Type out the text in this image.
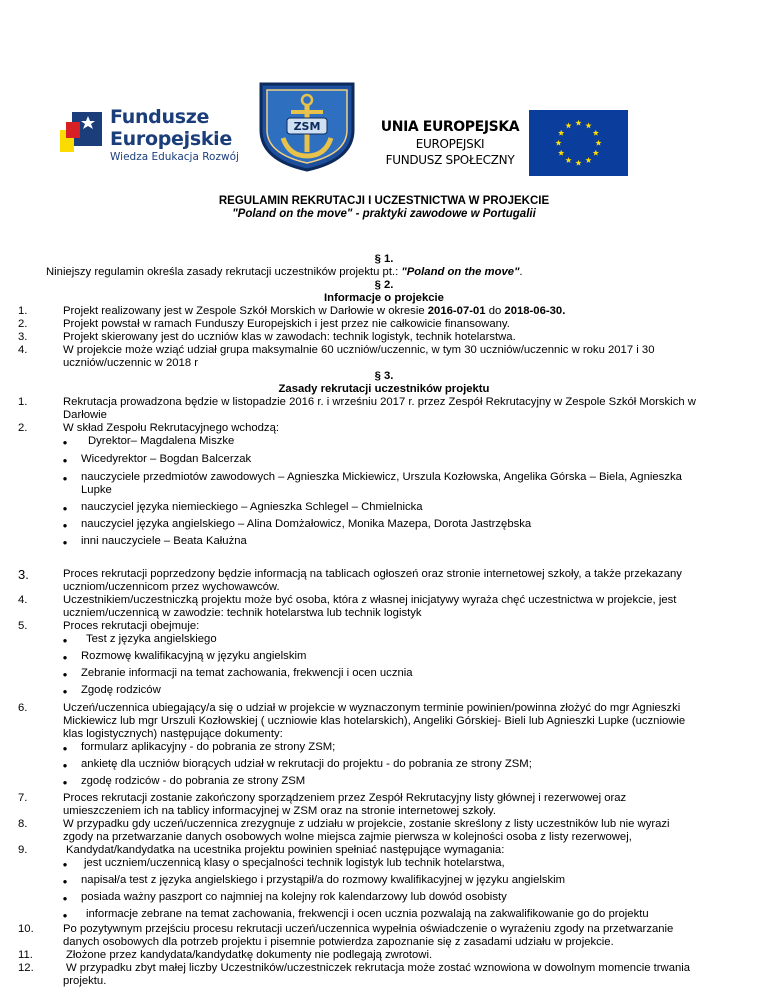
Fundusze
Europejskie
Wiedza Edukacja Rozwój
ZSM	UNIA EUROPEJSKA
EUROPEJSKI
FUNDUSZ SPOŁECZNY
REGULAMIN REKRUTACJI I UCZESTNICTWA W PROJEKCIE
"Poland on the move" - praktyki zawodowe w Portugalii
§ 1.
Niniejszy regulamin określa zasady rekrutacji uczestników projektu pt.: "Poland on the move".
§ 2.
Informacje o projekcie
1.	Projekt realizowany jest w Zespole Szkół Morskich w Darłowie w okresie 2016-07-01 do 2018-06-30.
2.	Projekt powstał w ramach Funduszy Europejskich i jest przez nie całkowicie finansowany.
3.	Projekt skierowany jest do uczniów klas w zawodach: technik logistyk, technik hotelarstwa.
4.	W projekcie może wziąć udział grupa maksymalnie 60 uczniów/uczennic, w tym 30 uczniów/uczennic w roku 2017 i 30
uczniów/uczennic w 2018 r
§ 3.
Zasady rekrutacji uczestników projektu
1.	Rekrutacja prowadzona będzie w listopadzie 2016 r. i wrześniu 2017 r. przez Zespół Rekrutacyjny w Zespole Szkół Morskich w
Darłowie
2.	W skład Zespołu Rekrutacyjnego wchodzą:
● Dyrektor– Magdalena Miszke
● Wicedyrektor – Bogdan Balcerzak
● nauczyciele przedmiotów zawodowych – Agnieszka Mickiewicz, Urszula Kozłowska, Angelika Górska – Biela, Agnieszka
Lupke
● nauczyciel języka niemieckiego – Agnieszka Schlegel – Chmielnicka
● nauczyciel języka angielskiego – Alina Domżałowicz, Monika Mazepa, Dorota Jastrzębska
● inni nauczyciele – Beata Kałużna
3.	Proces rekrutacji poprzedzony będzie informacją na tablicach ogłoszeń oraz stronie internetowej szkoły, a także przekazany
uczniom/uczennicom przez wychowawców.
4.	Uczestnikiem/uczestniczką projektu może być osoba, która z własnej inicjatywy wyraża chęć uczestnictwa w projekcie, jest
uczniem/uczennicą w zawodzie: technik hotelarstwa lub technik logistyk
5.	Proces rekrutacji obejmuje:
● Test z języka angielskiego
● Rozmowę kwalifikacyjną w języku angielskim
● Zebranie informacji na temat zachowania, frekwencji i ocen ucznia
● Zgodę rodziców
6.	Uczeń/uczennica ubiegający/a się o udział w projekcie w wyznaczonym terminie powinien/powinna złożyć do mgr Agnieszki
Mickiewicz lub mgr Urszuli Kozłowskiej ( uczniowie klas hotelarskich), Angeliki Górskiej- Bieli lub Agnieszki Lupke (uczniowie
klas logistycznych) następujące dokumenty:
● formularz aplikacyjny - do pobrania ze strony ZSM;
● ankietę dla uczniów biorących udział w rekrutacji do projektu - do pobrania ze strony ZSM;
● zgodę rodziców - do pobrania ze strony ZSM
7.	Proces rekrutacji zostanie zakończony sporządzeniem przez Zespół Rekrutacyjny listy głównej i rezerwowej oraz
umieszczeniem ich na tablicy informacyjnej w ZSM oraz na stronie internetowej szkoły.
8.	W przypadku gdy uczeń/uczennica zrezygnuje z udziału w projekcie, zostanie skreślony z listy uczestników lub nie wyrazi
zgody na przetwarzanie danych osobowych wolne miejsca zajmie pierwsza w kolejności osoba z listy rezerwowej,
9.	Kandydat/kandydatka na ucestnika projektu powinien spełniać następujące wymagania:
● jest uczniem/uczennicą klasy o specjalności technik logistyk lub technik hotelarstwa,
● napisał/a test z języka angielskiego i przystąpił/a do rozmowy kwalifikacyjnej w języku angielskim
● posiada ważny paszport co najmniej na kolejny rok kalendarzowy lub dowód osobisty
● informacje zebrane na temat zachowania, frekwencji i ocen ucznia pozwalają na zakwalifikowanie go do projektu
10.	Po pozytywnym przejściu procesu rekrutacji uczeń/uczennica wypełnia oświadczenie o wyrażeniu zgody na przetwarzanie
danych osobowych dla potrzeb projektu i pisemnie potwierdza zapoznanie się z zasadami udziału w projekcie.
11.	Złożone przez kandydata/kandydatkę dokumenty nie podlegają zwrotowi.
12.	W przypadku zbyt małej liczby Uczestników/uczestniczek rekrutacja może zostać wznowiona w dowolnym momencie trwania
projektu.
